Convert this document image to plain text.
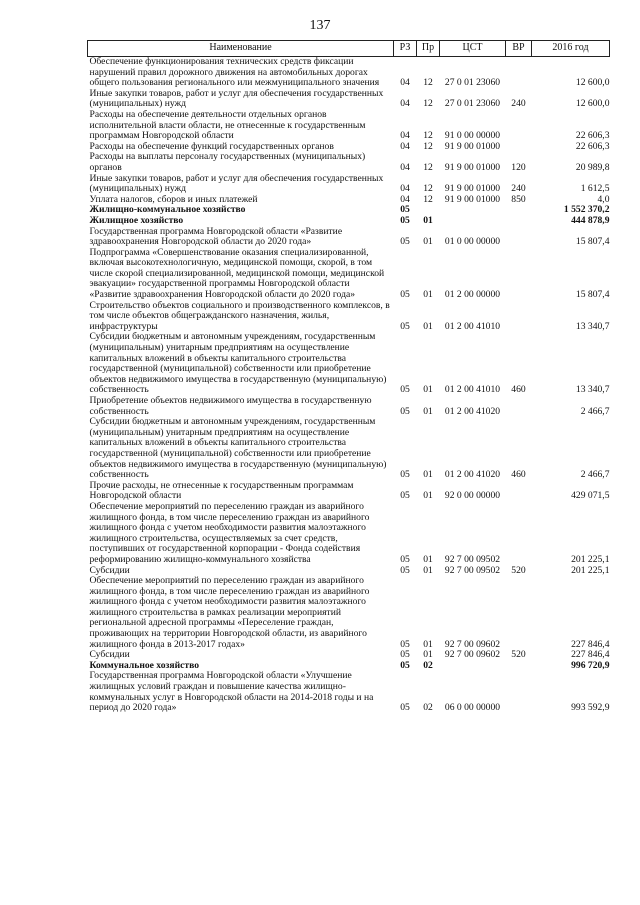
137
Наименование	РЗ	Пр	ЦСТ	ВР	2016 год
Обеспечение функционирования технических средств фиксации нарушений правил дорожного движения на автомобильных дорогах общего пользования регионального или межмуниципального значения	04	12	27 0 01 23060		12 600,0
Иные закупки товаров, работ и услуг для обеспечения государственных (муниципальных) нужд	04	12	27 0 01 23060	240	12 600,0
Расходы на обеспечение деятельности отдельных органов исполнительной власти области, не отнесенные к государственным программам Новгородской области	04	12	91 0 00 00000		22 606,3
Расходы на обеспечение функций государственных органов	04	12	91 9 00 01000		22 606,3
Расходы на выплаты персоналу государственных (муниципальных) органов	04	12	91 9 00 01000	120	20 989,8
Иные закупки товаров, работ и услуг для обеспечения государственных (муниципальных) нужд	04	12	91 9 00 01000	240	1 612,5
Уплата налогов, сборов и иных платежей	04	12	91 9 00 01000	850	4,0
Жилищно-коммунальное хозяйство	05				1 552 370,2
Жилищное хозяйство	05	01			444 878,9
Государственная программа Новгородской области «Развитие здравоохранения Новгородской области до 2020 года»	05	01	01 0 00 00000		15 807,4
Подпрограмма «Совершенствование оказания специализированной, включая высокотехнологичную, медицинской помощи, скорой, в том числе скорой специализированной, медицинской помощи, медицинской эвакуации» государственной программы Новгородской области «Развитие здравоохранения Новгородской области до 2020 года»	05	01	01 2 00 00000		15 807,4
Строительство объектов социального и производственного комплексов, в том числе объектов общегражданского назначения, жилья, инфраструктуры	05	01	01 2 00 41010		13 340,7
Субсидии бюджетным и автономным учреждениям, государственным (муниципальным) унитарным предприятиям на осуществление капитальных вложений в объекты капитального строительства государственной (муниципальной) собственности или приобретение объектов недвижимого имущества в государственную (муниципальную) собственность	05	01	01 2 00 41010	460	13 340,7
Приобретение объектов недвижимого имущества в государственную собственность	05	01	01 2 00 41020		2 466,7
Субсидии бюджетным и автономным учреждениям, государственным (муниципальным) унитарным предприятиям на осуществление капитальных вложений в объекты капитального строительства государственной (муниципальной) собственности или приобретение объектов недвижимого имущества в государственную (муниципальную) собственность	05	01	01 2 00 41020	460	2 466,7
Прочие расходы, не отнесенные к государственным программам Новгородской области	05	01	92 0 00 00000		429 071,5
Обеспечение мероприятий по переселению граждан из аварийного жилищного фонда, в том числе переселению граждан из аварийного жилищного фонда с учетом необходимости развития малоэтажного жилищного строительства, осуществляемых за счет средств, поступивших от государственной корпорации - Фонда содействия реформированию жилищно-коммунального хозяйства	05	01	92 7 00 09502		201 225,1
Субсидии	05	01	92 7 00 09502	520	201 225,1
Обеспечение мероприятий по переселению граждан из аварийного жилищного фонда, в том числе переселению граждан из аварийного жилищного фонда с учетом необходимости развития малоэтажного жилищного строительства в рамках реализации мероприятий региональной адресной программы «Переселение граждан, проживающих на территории Новгородской области, из аварийного жилищного фонда в 2013-2017 годах»	05	01	92 7 00 09602		227 846,4
Субсидии	05	01	92 7 00 09602	520	227 846,4
Коммунальное хозяйство	05	02			996 720,9
Государственная программа Новгородской области «Улучшение жилищных условий граждан и повышение качества жилищно-коммунальных услуг в Новгородской области на 2014-2018 годы и на период до 2020 года»	05	02	06 0 00 00000		993 592,9
